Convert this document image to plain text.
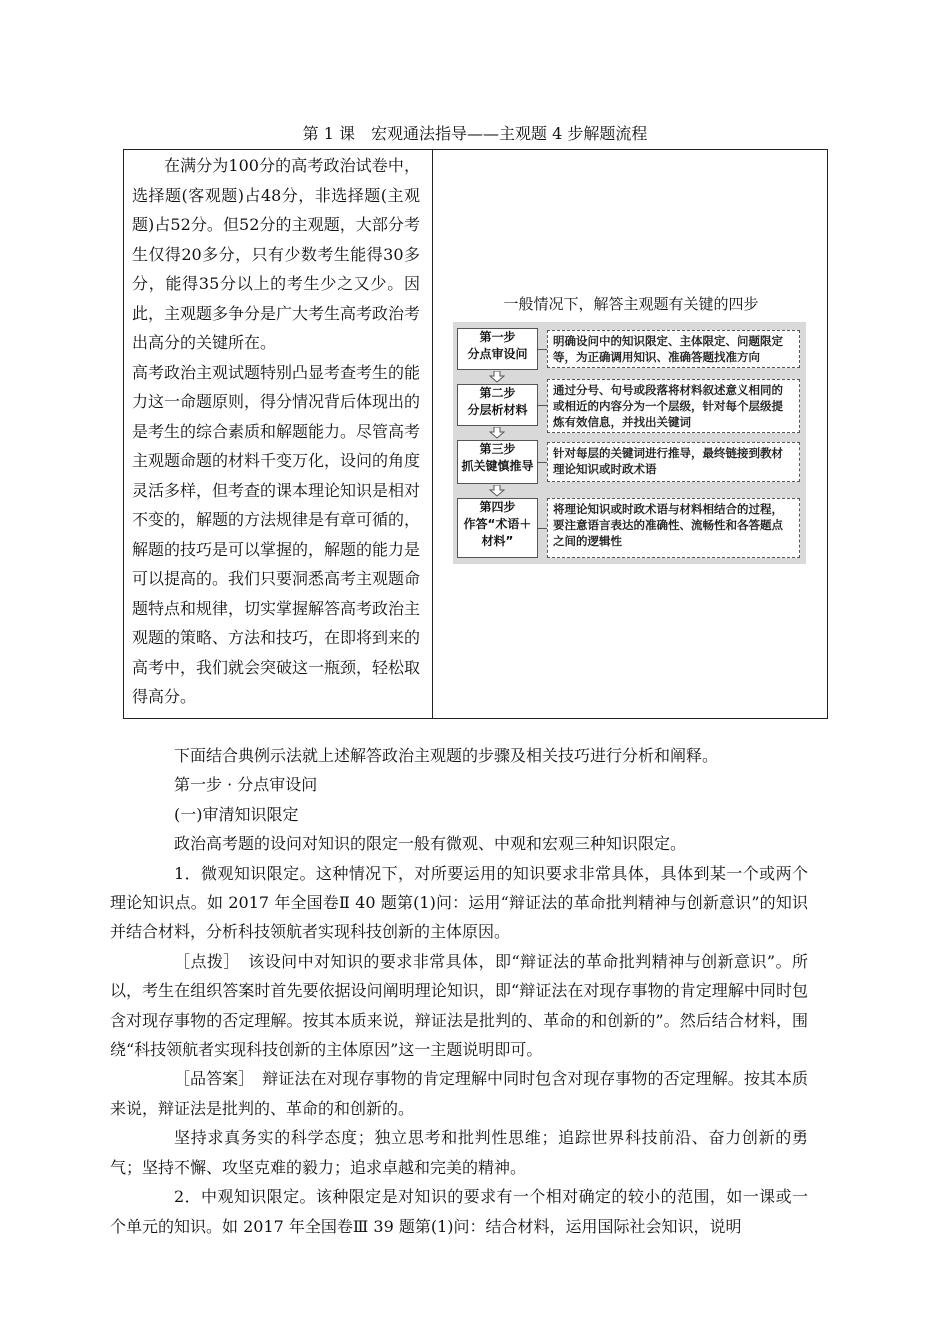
第 1 课　宏观通法指导——主观题 4 步解题流程

在满分为100分的高考政治试卷中，选择题(客观题)占48分，非选择题(主观题)占52分。但52分的主观题，大部分考生仅得20多分，只有少数考生能得30多分，能得35分以上的考生少之又少。因此，主观题多争分是广大考生高考政治考出高分的关键所在。

高考政治主观试题特别凸显考查考生的能力这一命题原则，得分情况背后体现出的是考生的综合素质和解题能力。尽管高考主观题命题的材料千变万化，设问的角度灵活多样，但考查的课本理论知识是相对不变的，解题的方法规律是有章可循的，解题的技巧是可以掌握的，解题的能力是可以提高的。我们只要洞悉高考主观题命题特点和规律，切实掌握解答高考政治主观题的策略、方法和技巧，在即将到来的高考中，我们就会突破这一瓶颈，轻松取得高分。

一般情况下，解答主观题有关键的四步
第一步
分点审设问
明确设问中的知识限定、主体限定、问题限定等，为正确调用知识、准确答题找准方向
第二步
分层析材料
通过分号、句号或段落将材料叙述意义相同的或相近的内容分为一个层级，针对每个层级提炼有效信息，并找出关键词
第三步
抓关键慎推导
针对每层的关键词进行推导，最终链接到教材理论知识或时政术语
第四步
作答“术语＋材料”
将理论知识或时政术语与材料相结合的过程，要注意语言表达的准确性、流畅性和各答题点之间的逻辑性

下面结合典例示法就上述解答政治主观题的步骤及相关技巧进行分析和阐释。

第一步 · 分点审设问

(一)审清知识限定

政治高考题的设问对知识的限定一般有微观、中观和宏观三种知识限定。

1．微观知识限定。这种情况下，对所要运用的知识要求非常具体，具体到某一个或两个理论知识点。如 2017 年全国卷Ⅱ 40 题第(1)问：运用“辩证法的革命批判精神与创新意识”的知识并结合材料，分析科技领航者实现科技创新的主体原因。

［点拨］　该设问中对知识的要求非常具体，即“辩证法的革命批判精神与创新意识”。所以，考生在组织答案时首先要依据设问阐明理论知识，即“辩证法在对现存事物的肯定理解中同时包含对现存事物的否定理解。按其本质来说，辩证法是批判的、革命的和创新的”。然后结合材料，围绕“科技领航者实现科技创新的主体原因”这一主题说明即可。

［品答案］　辩证法在对现存事物的肯定理解中同时包含对现存事物的否定理解。按其本质来说，辩证法是批判的、革命的和创新的。

坚持求真务实的科学态度；独立思考和批判性思维；追踪世界科技前沿、奋力创新的勇气；坚持不懈、攻坚克难的毅力；追求卓越和完美的精神。

2．中观知识限定。该种限定是对知识的要求有一个相对确定的较小的范围，如一课或一个单元的知识。如 2017 年全国卷Ⅲ 39 题第(1)问：结合材料，运用国际社会知识，说明
